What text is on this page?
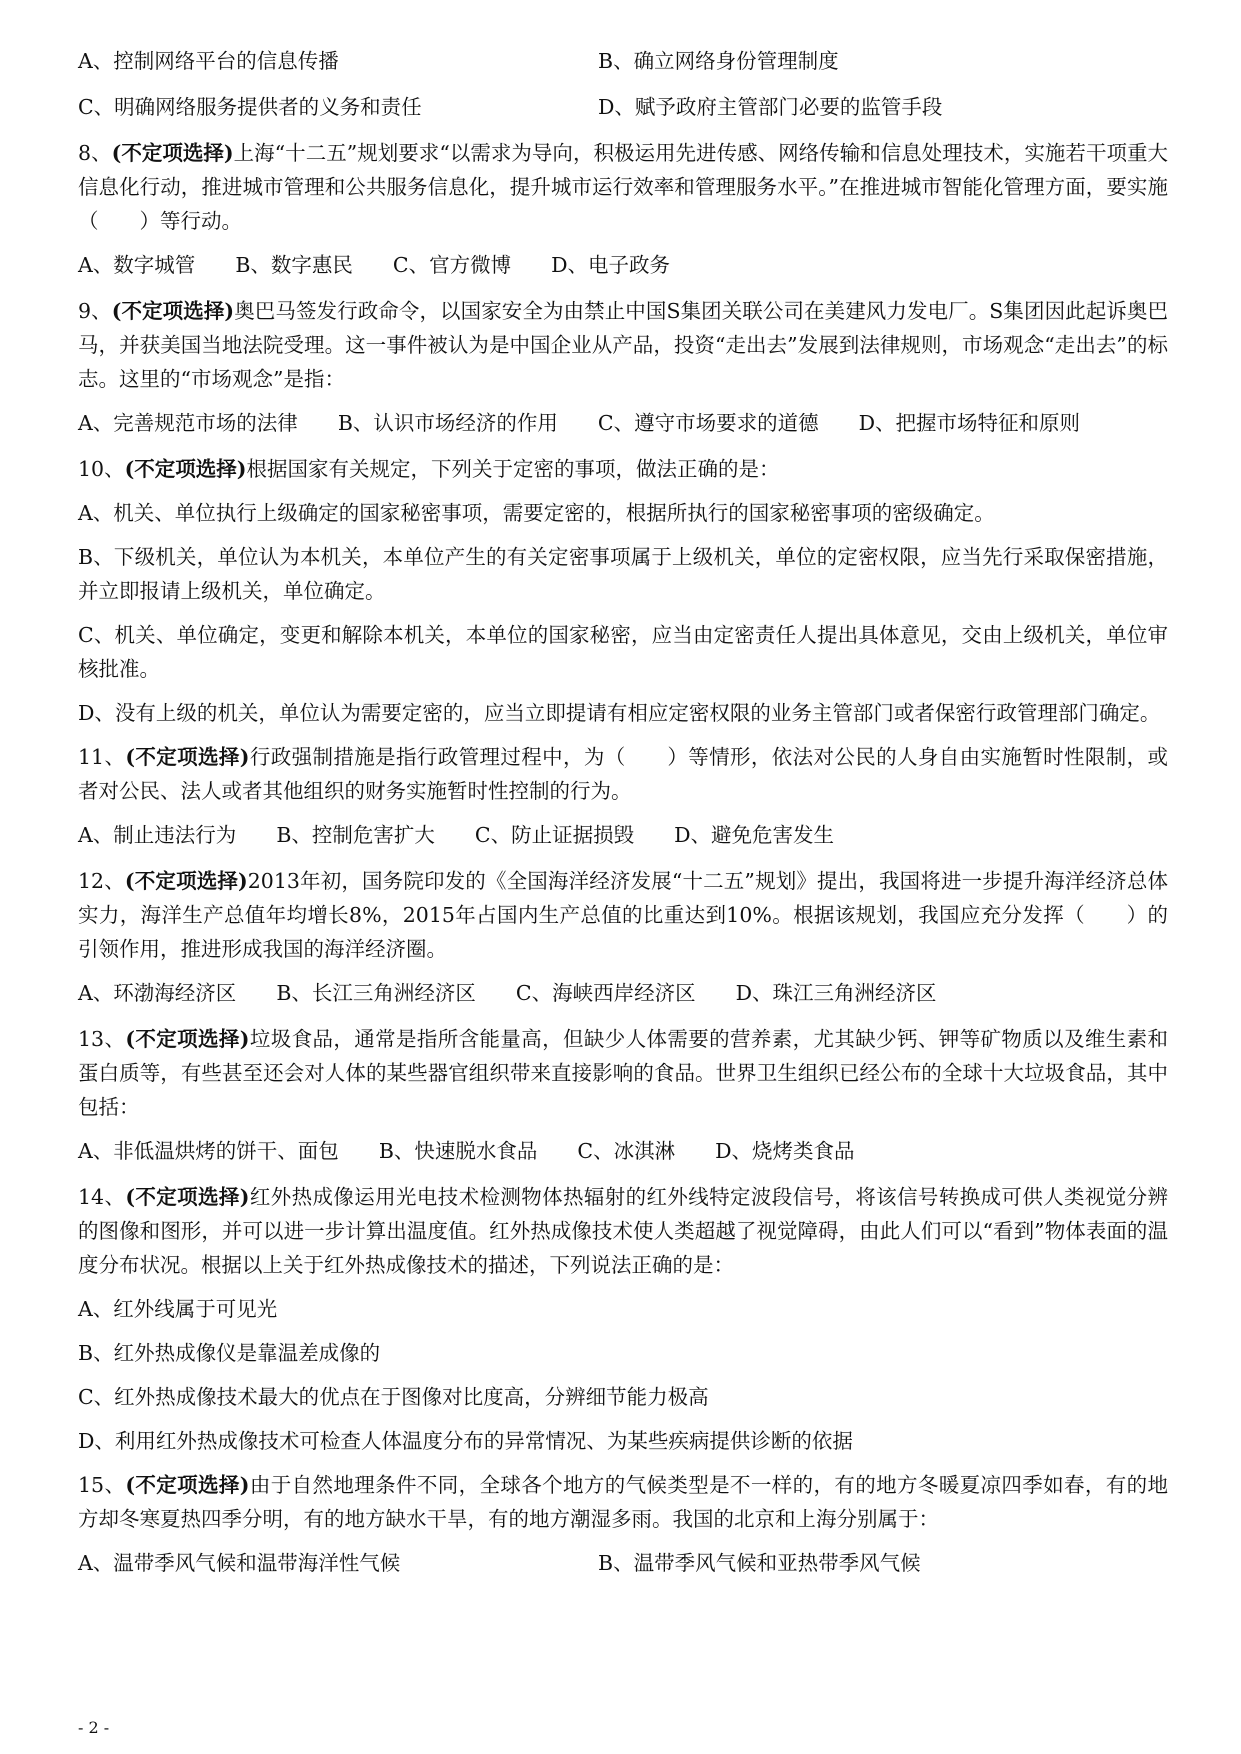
A、控制网络平台的信息传播	B、确立网络身份管理制度
C、明确网络服务提供者的义务和责任	D、赋予政府主管部门必要的监管手段

8、(不定项选择)上海“十二五”规划要求“以需求为导向，积极运用先进传感、网络传输和信息处理技术，实施若干项重大信息化行动，推进城市管理和公共服务信息化，提升城市运行效率和管理服务水平。”在推进城市智能化管理方面，要实施（　　）等行动。

A、数字城管 B、数字惠民 C、官方微博 D、电子政务

9、(不定项选择)奥巴马签发行政命令，以国家安全为由禁止中国S集团关联公司在美建风力发电厂。S集团因此起诉奥巴马，并获美国当地法院受理。这一事件被认为是中国企业从产品，投资“走出去”发展到法律规则，市场观念“走出去”的标志。这里的“市场观念”是指：

A、完善规范市场的法律 B、认识市场经济的作用 C、遵守市场要求的道德 D、把握市场特征和原则

10、(不定项选择)根据国家有关规定，下列关于定密的事项，做法正确的是：

A、机关、单位执行上级确定的国家秘密事项，需要定密的，根据所执行的国家秘密事项的密级确定。

B、下级机关，单位认为本机关，本单位产生的有关定密事项属于上级机关，单位的定密权限，应当先行采取保密措施，并立即报请上级机关，单位确定。

C、机关、单位确定，变更和解除本机关，本单位的国家秘密，应当由定密责任人提出具体意见，交由上级机关，单位审核批准。

D、没有上级的机关，单位认为需要定密的，应当立即提请有相应定密权限的业务主管部门或者保密行政管理部门确定。

11、(不定项选择)行政强制措施是指行政管理过程中，为（　　）等情形，依法对公民的人身自由实施暂时性限制，或者对公民、法人或者其他组织的财务实施暂时性控制的行为。

A、制止违法行为 B、控制危害扩大 C、防止证据损毁 D、避免危害发生

12、(不定项选择)2013年初，国务院印发的《全国海洋经济发展“十二五”规划》提出，我国将进一步提升海洋经济总体实力，海洋生产总值年均增长8%，2015年占国内生产总值的比重达到10%。根据该规划，我国应充分发挥（　　）的引领作用，推进形成我国的海洋经济圈。

A、环渤海经济区 B、长江三角洲经济区 C、海峡西岸经济区 D、珠江三角洲经济区

13、(不定项选择)垃圾食品，通常是指所含能量高，但缺少人体需要的营养素，尤其缺少钙、钾等矿物质以及维生素和蛋白质等，有些甚至还会对人体的某些器官组织带来直接影响的食品。世界卫生组织已经公布的全球十大垃圾食品，其中包括：

A、非低温烘烤的饼干、面包 B、快速脱水食品 C、冰淇淋 D、烧烤类食品

14、(不定项选择)红外热成像运用光电技术检测物体热辐射的红外线特定波段信号，将该信号转换成可供人类视觉分辨的图像和图形，并可以进一步计算出温度值。红外热成像技术使人类超越了视觉障碍，由此人们可以“看到”物体表面的温度分布状况。根据以上关于红外热成像技术的描述，下列说法正确的是：

A、红外线属于可见光

B、红外热成像仪是靠温差成像的

C、红外热成像技术最大的优点在于图像对比度高，分辨细节能力极高

D、利用红外热成像技术可检查人体温度分布的异常情况、为某些疾病提供诊断的依据

15、(不定项选择)由于自然地理条件不同，全球各个地方的气候类型是不一样的，有的地方冬暖夏凉四季如春，有的地方却冬寒夏热四季分明，有的地方缺水干旱，有的地方潮湿多雨。我国的北京和上海分别属于：

A、温带季风气候和温带海洋性气候	B、温带季风气候和亚热带季风气候
- 2 -
